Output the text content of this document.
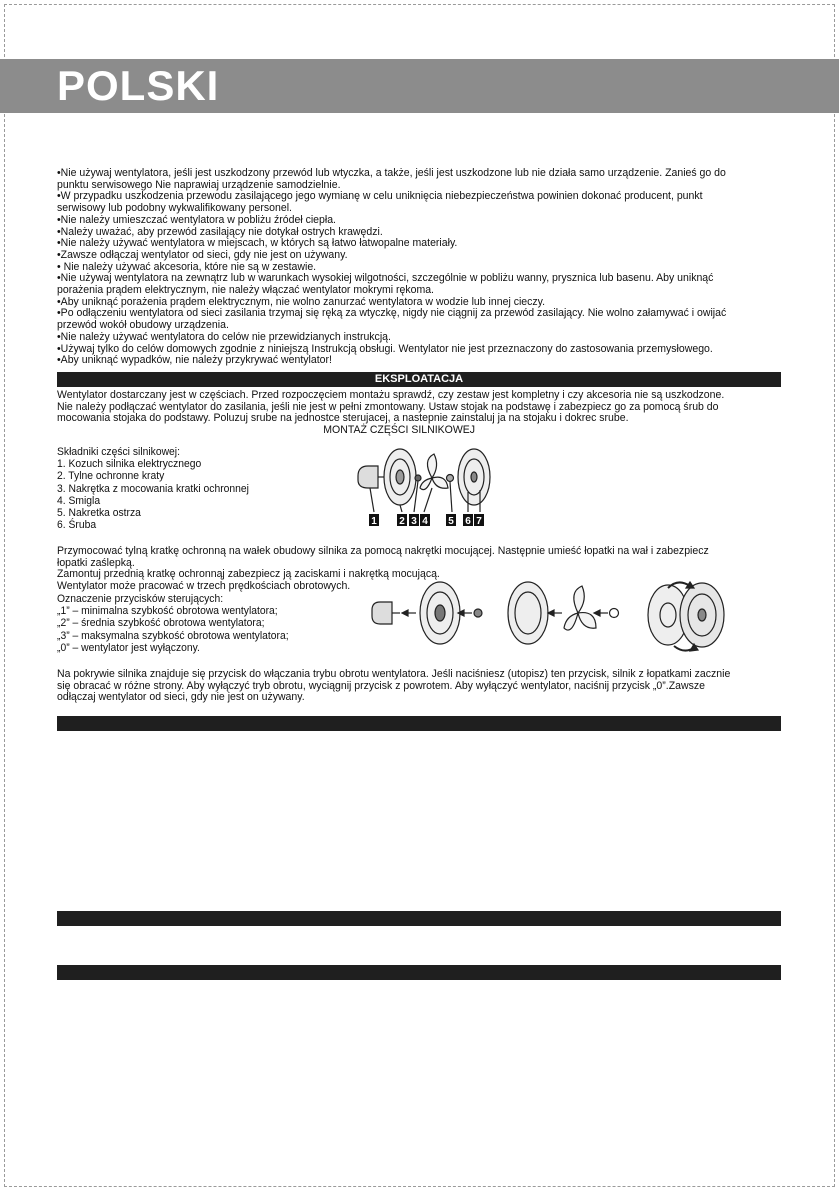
POLSKI

•Nie używaj wentylatora, jeśli jest uszkodzony przewód lub wtyczka, a także, jeśli jest uszkodzone lub nie działa samo urządzenie. Zanieś go do punktu serwisowego Nie naprawiaj urządzenie samodzielnie.

•W przypadku uszkodzenia przewodu zasilającego jego wymianę w celu uniknięcia niebezpieczeństwa powinien dokonać producent, punkt serwisowy lub podobny wykwalifikowany personel.

•Nie należy umieszczać wentylatora w pobliżu źródeł ciepła.

•Należy uważać, aby przewód zasilający nie dotykał ostrych krawędzi.

•Nie należy używać wentylatora w miejscach, w których są łatwo łatwopalne materiały.

•Zawsze odłączaj wentylator od sieci, gdy nie jest on używany.

• Nie należy używać akcesoria, które nie są w zestawie.

•Nie używaj wentylatora na zewnątrz lub w warunkach wysokiej wilgotności, szczególnie w pobliżu wanny, prysznica lub basenu. Aby uniknąć porażenia prądem elektrycznym, nie należy włączać wentylator mokrymi rękoma.

•Aby uniknąć porażenia prądem elektrycznym, nie wolno zanurzać wentylatora w wodzie lub innej cieczy.

•Po odłączeniu wentylatora od sieci zasilania trzymaj się ręką za wtyczkę, nigdy nie ciągnij za przewód zasilający. Nie wolno załamywać i owijać przewód wokół obudowy urządzenia.

•Nie należy używać wentylatora do celów nie przewidzianych instrukcją.

•Używaj tylko do celów domowych zgodnie z niniejszą Instrukcją obsługi. Wentylator nie jest przeznaczony do zastosowania przemysłowego.

•Aby uniknąć wypadków, nie należy przykrywać wentylator!

EKSPLOATACJA

Wentylator dostarczany jest w częściach. Przed rozpoczęciem montażu sprawdź, czy zestaw jest kompletny i czy akcesoria nie są uszkodzone.

Nie należy podłączać wentylator do zasilania, jeśli nie jest w pełni zmontowany. Ustaw stojak na podstawę i zabezpiecz go za pomocą śrub do mocowania stojaka do podstawy. Poluzuj srube na jednostce sterujacej, a nastepnie zainstaluj ja na stojaku i dokrec srube.

MONTAŻ CZĘŚCI SILNIKOWEJ

Składniki części silnikowej:
1. Kozuch silnika elektrycznego
2. Tylne ochronne kraty
3. Nakrętka z mocowania kratki ochronnej
4. Smigla
5. Nakretka ostrza
6. Śruba	1 2 3 4 5 6 7

Przymocować tylną kratkę ochronną na wałek obudowy silnika za pomocą nakrętki mocującej. Następnie umieść łopatki na wał i zabezpiecz łopatki zaślepką.

Zamontuj przednią kratkę ochronnąj zabezpiecz ją zaciskami i nakrętką mocującą.

Wentylator może pracować w trzech prędkościach obrotowych.

Oznaczenie przycisków sterujących:
„1” – minimalna szybkość obrotowa wentylatora;
„2” – średnia szybkość obrotowa wentylatora;
„3” – maksymalna szybkość obrotowa wentylatora;
„0” – wentylator jest wyłączony.

Na pokrywie silnika znajduje się przycisk do włączania trybu obrotu wentylatora. Jeśli naciśniesz (utopisz) ten przycisk, silnik z łopatkami zacznie się obracać w różne strony. Aby wyłączyć tryb obrotu, wyciągnij przycisk z powrotem. Aby wyłączyć wentylator, naciśnij przycisk „0”.Zawsze odłączaj wentylator od sieci, gdy nie jest on używany.
